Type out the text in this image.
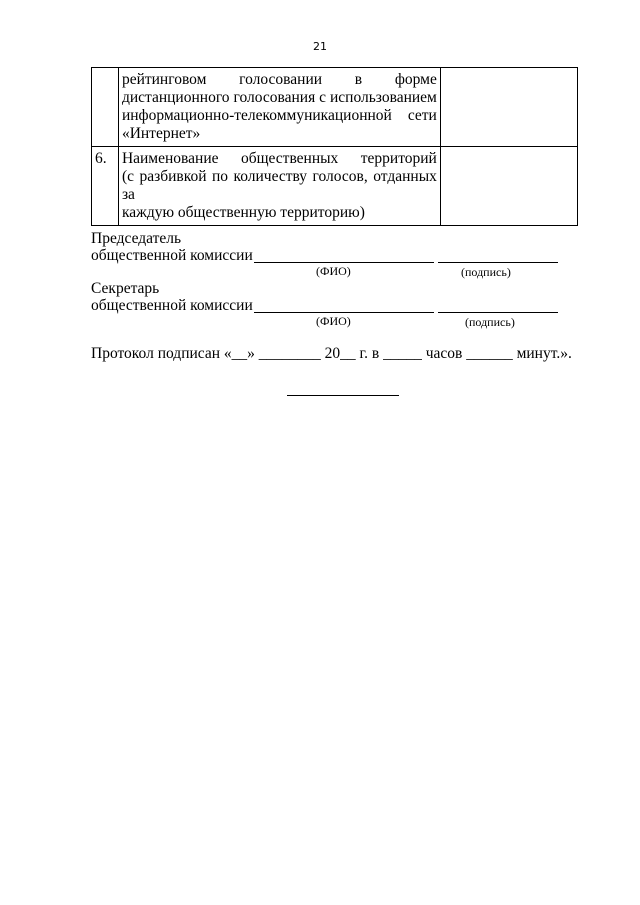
21

	рейтинговом голосовании в форме
дистанционного голосования с использованием
информационно-телекоммуникационной сети
«Интернет»	

6.	Наименование общественных территорий
(с разбивкой по количеству голосов, отданных за
каждую общественную территорию)	

Председатель
общественной комиссии
(ФИО)	(подпись)
Секретарь
общественной комиссии
(ФИО)	(подпись)
Протокол подписан «__» ________ 20__ г. в _____ часов ______ минут.».
